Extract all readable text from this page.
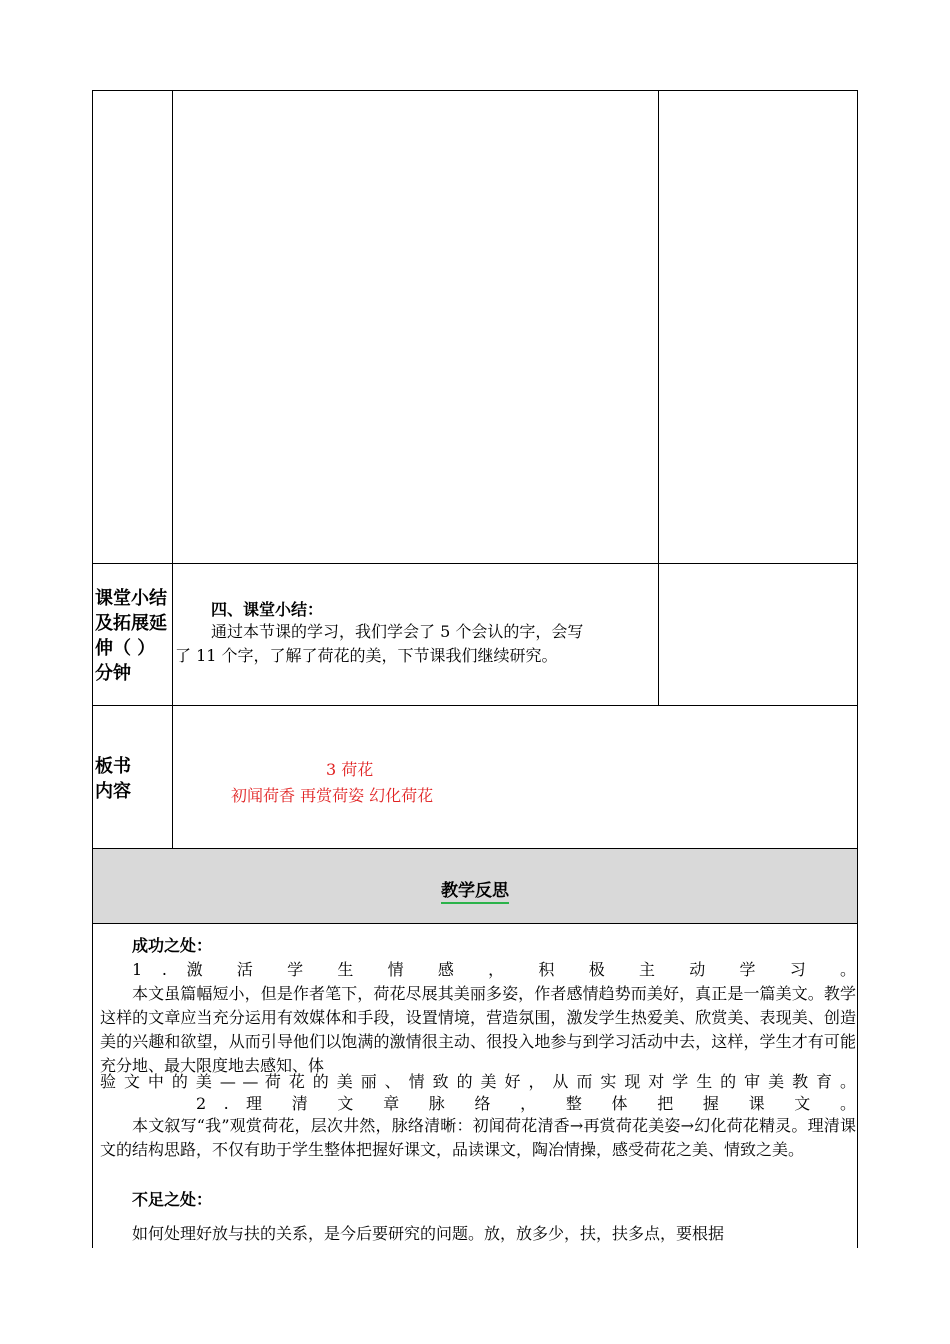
课堂小结
及拓展延
伸（ ）
分钟
四、课堂小结：
通过本节课的学习，我们学会了 5 个会认的字，会写
了 11 个字，了解了荷花的美，下节课我们继续研究。
板书
内容
3 荷花
初闻荷香 再赏荷姿 幻化荷花
教学反思
成功之处：
1 . 激 活 学 生 情 感 ， 积 极 主 动 学 习 。
本文虽篇幅短小，但是作者笔下，荷花尽展其美丽多姿，作者感情趋势而美好，真正是一篇美文。教学这样的文章应当充分运用有效媒体和手段，设置情境，营造氛围，激发学生热爱美、欣赏美、表现美、创造美的兴趣和欲望，从而引导他们以饱满的激情很主动、很投入地参与到学习活动中去，这样，学生才有可能充分地、最大限度地去感知、体
验 文 中 的 美 — — 荷 花 的 美 丽 、 情 致 的 美 好 ， 从 而 实 现 对 学 生 的 审 美 教 育 。
2 . 理 清 文 章 脉 络 ， 整 体 把 握 课 文 。
本文叙写“我”观赏荷花，层次井然，脉络清晰：初闻荷花清香→再赏荷花美姿→幻化荷花精灵。理清课文的结构思路，不仅有助于学生整体把握好课文，品读课文，陶冶情操，感受荷花之美、情致之美。
不足之处：
如何处理好放与扶的关系，是今后要研究的问题。放，放多少，扶，扶多点，要根据
